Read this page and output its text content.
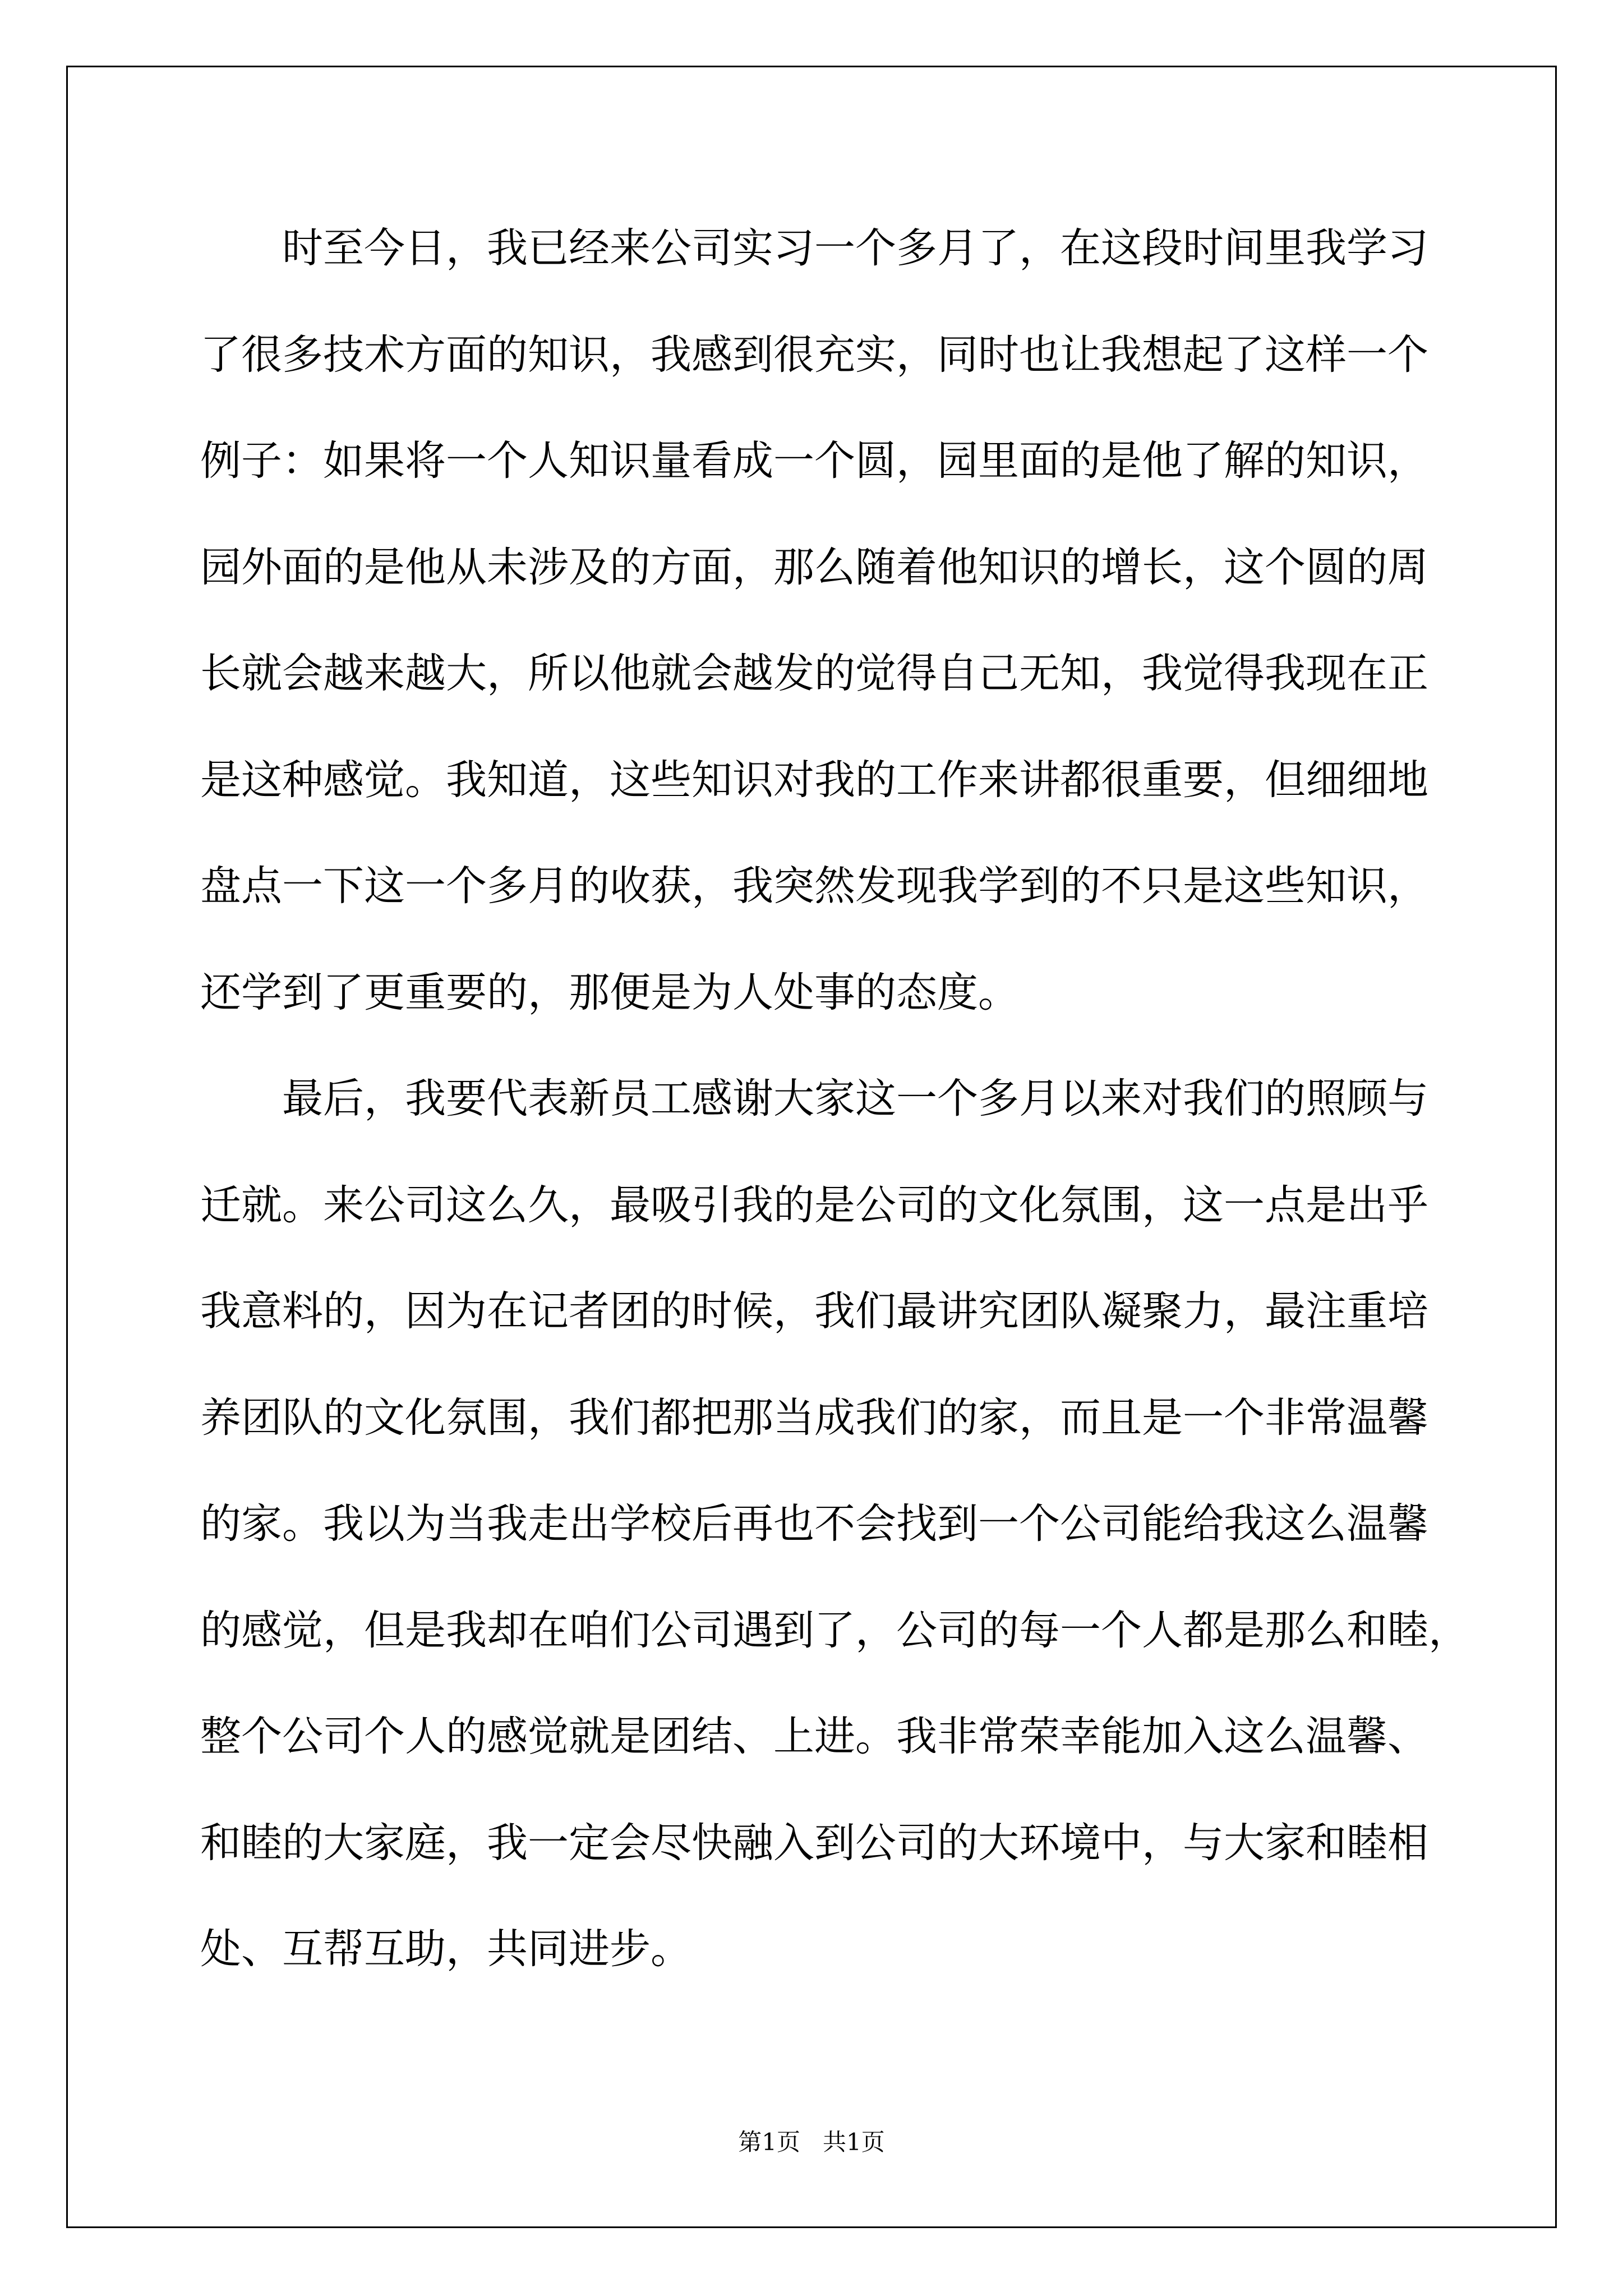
时至今日，我已经来公司实习一个多月了，在这段时间里我学习
了很多技术方面的知识，我感到很充实，同时也让我想起了这样一个
例子：如果将一个人知识量看成一个圆，园里面的是他了解的知识，
园外面的是他从未涉及的方面，那么随着他知识的增长，这个圆的周
长就会越来越大，所以他就会越发的觉得自己无知，我觉得我现在正
是这种感觉。我知道，这些知识对我的工作来讲都很重要，但细细地
盘点一下这一个多月的收获，我突然发现我学到的不只是这些知识，
还学到了更重要的，那便是为人处事的态度。
最后，我要代表新员工感谢大家这一个多月以来对我们的照顾与
迁就。来公司这么久，最吸引我的是公司的文化氛围，这一点是出乎
我意料的，因为在记者团的时候，我们最讲究团队凝聚力，最注重培
养团队的文化氛围，我们都把那当成我们的家，而且是一个非常温馨
的家。我以为当我走出学校后再也不会找到一个公司能给我这么温馨
的感觉，但是我却在咱们公司遇到了，公司的每一个人都是那么和睦，
整个公司个人的感觉就是团结、上进。我非常荣幸能加入这么温馨、
和睦的大家庭，我一定会尽快融入到公司的大环境中，与大家和睦相
处、互帮互助，共同进步。
第1页 共1页
